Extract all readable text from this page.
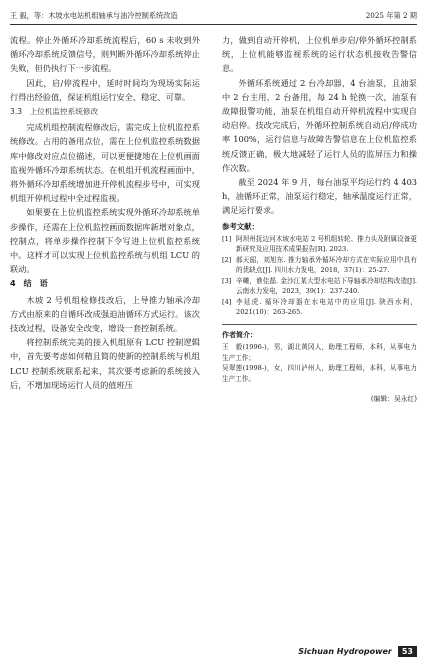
王 毅，等：木坡水电站机组轴承与油冷控制系统改造	2025 年第 2 期

流程。停止外循环冷却系统流程后，60 s 未收到外循环冷却系统反馈信号，则判断外循环冷却系统停止失败，但仍执行下一步流程。

因此，启/停流程中，延时时间均为现场实际运行得出经验值，保证机组运行安全、稳定、可靠。

3.3　上位机监控系统修改

完成机组控制流程修改后，需完成上位机监控系统修改。占用的备用点位，需在上位机监控系统数据库中修改对应点位描述，可以更便捷地在上位机画面监视外循环冷却系统状态。在机组开机流程画面中，将外循环冷却系统增加进开停机流程步号中，可实现机组开停机过程中全过程监视。

如果要在上位机监控系统实现外循环冷却系统单步操作，还需在上位机监控画面数据库新增对象点，控制点，将单步操作控制下令写进上位机监控系统中。这样才可以实现上位机监控系统与机组 LCU 的联动。

4　结　语

木坡 2 号机组检修技改后，上导推力轴承冷却方式由原来的自循环改成强迫油循环方式运行。该次技改过程，设备安全改变，增设一套控制系统。

将控制系统完美的接入机组原有 LCU 控制逻辑中，首先要考虑如何精且简的使新的控制系统与机组 LCU 控制系统联系起来，其次要考虑新的系统接入后，不增加现场运行人员的值班压

力，做到自动开停机，上位机单步启/停外循环控制系统，上位机能够监视系统的运行状态机接收告警信息。

外循环系统通过 2 台冷却器，4 台油泵，且油泵中 2 台主用，2 台备用，每 24 h 轮换一次，油泵有故障报警功能，油泵在机组自动开停机流程中实现自动启停。技改完成后，外循环控制系统自动启/停成功率 100%，运行信息与故障告警信息在上位机监控系统反馈正确，极大地减轻了运行人员的监屏压力和操作次数。

截至 2024 年 9 月，每台油泵平均运行约 4 403 h，油循环正常，油泵运行稳定，轴承温度运行正常，满足运行要求。

参考文献：
[1] 阿坝州抚边河木坡水电站 2 号机组转轮、推力头及附属设备更新研究及应用技术成果报告[R]. 2023.
[2] 郝天韶，刘旭东. 推力轴承外循环冷却方式在实际应用中具有的优缺点[J]. 四川水力发电，2018，37(1)：25-27.
[3] 辛曦，谯佳磊. 金沙江某大型水电站下导轴承冷却结构改造[J]. 云南水力发电，2023，39(1)：237-240.
[4] 李延虎. 循环冷却器在水电站中的应用[J]. 陕西水利，2021(10)：263-265.
作者简介：
王　毅(1996-)，男，湖北黄冈人，助理工程师，本科，从事电力生产工作；
吴翠莲(1998-)，女，四川泸州人，助理工程师，本科，从事电力生产工作。
(编辑：吴永红)
Sichuan Hydropower	53
